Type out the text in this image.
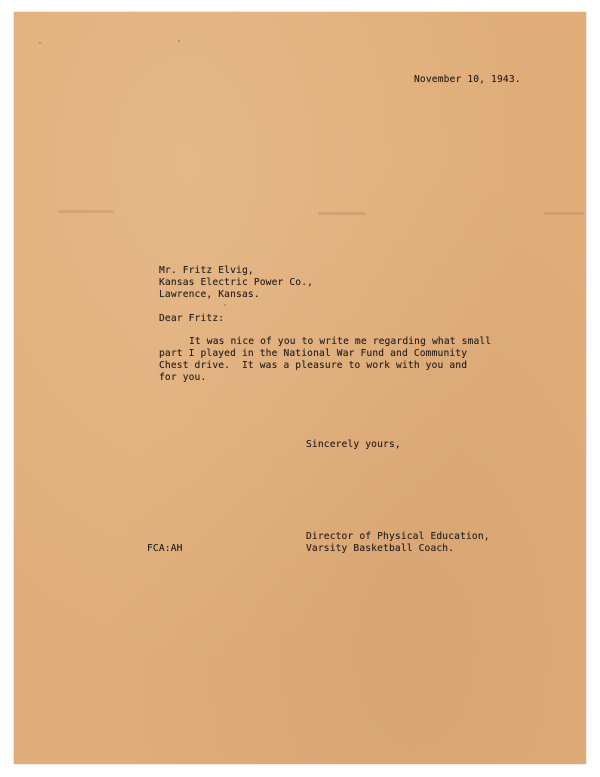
November 10, 1943.
Mr. Fritz Elvig,
Kansas Electric Power Co.,
Lawrence, Kansas.
Dear Fritz:
It was nice of you to write me regarding what small
part I played in the National War Fund and Community
Chest drive.  It was a pleasure to work with you and
for you.
Sincerely yours,
Director of Physical Education,
Varsity Basketball Coach.
FCA:AH
